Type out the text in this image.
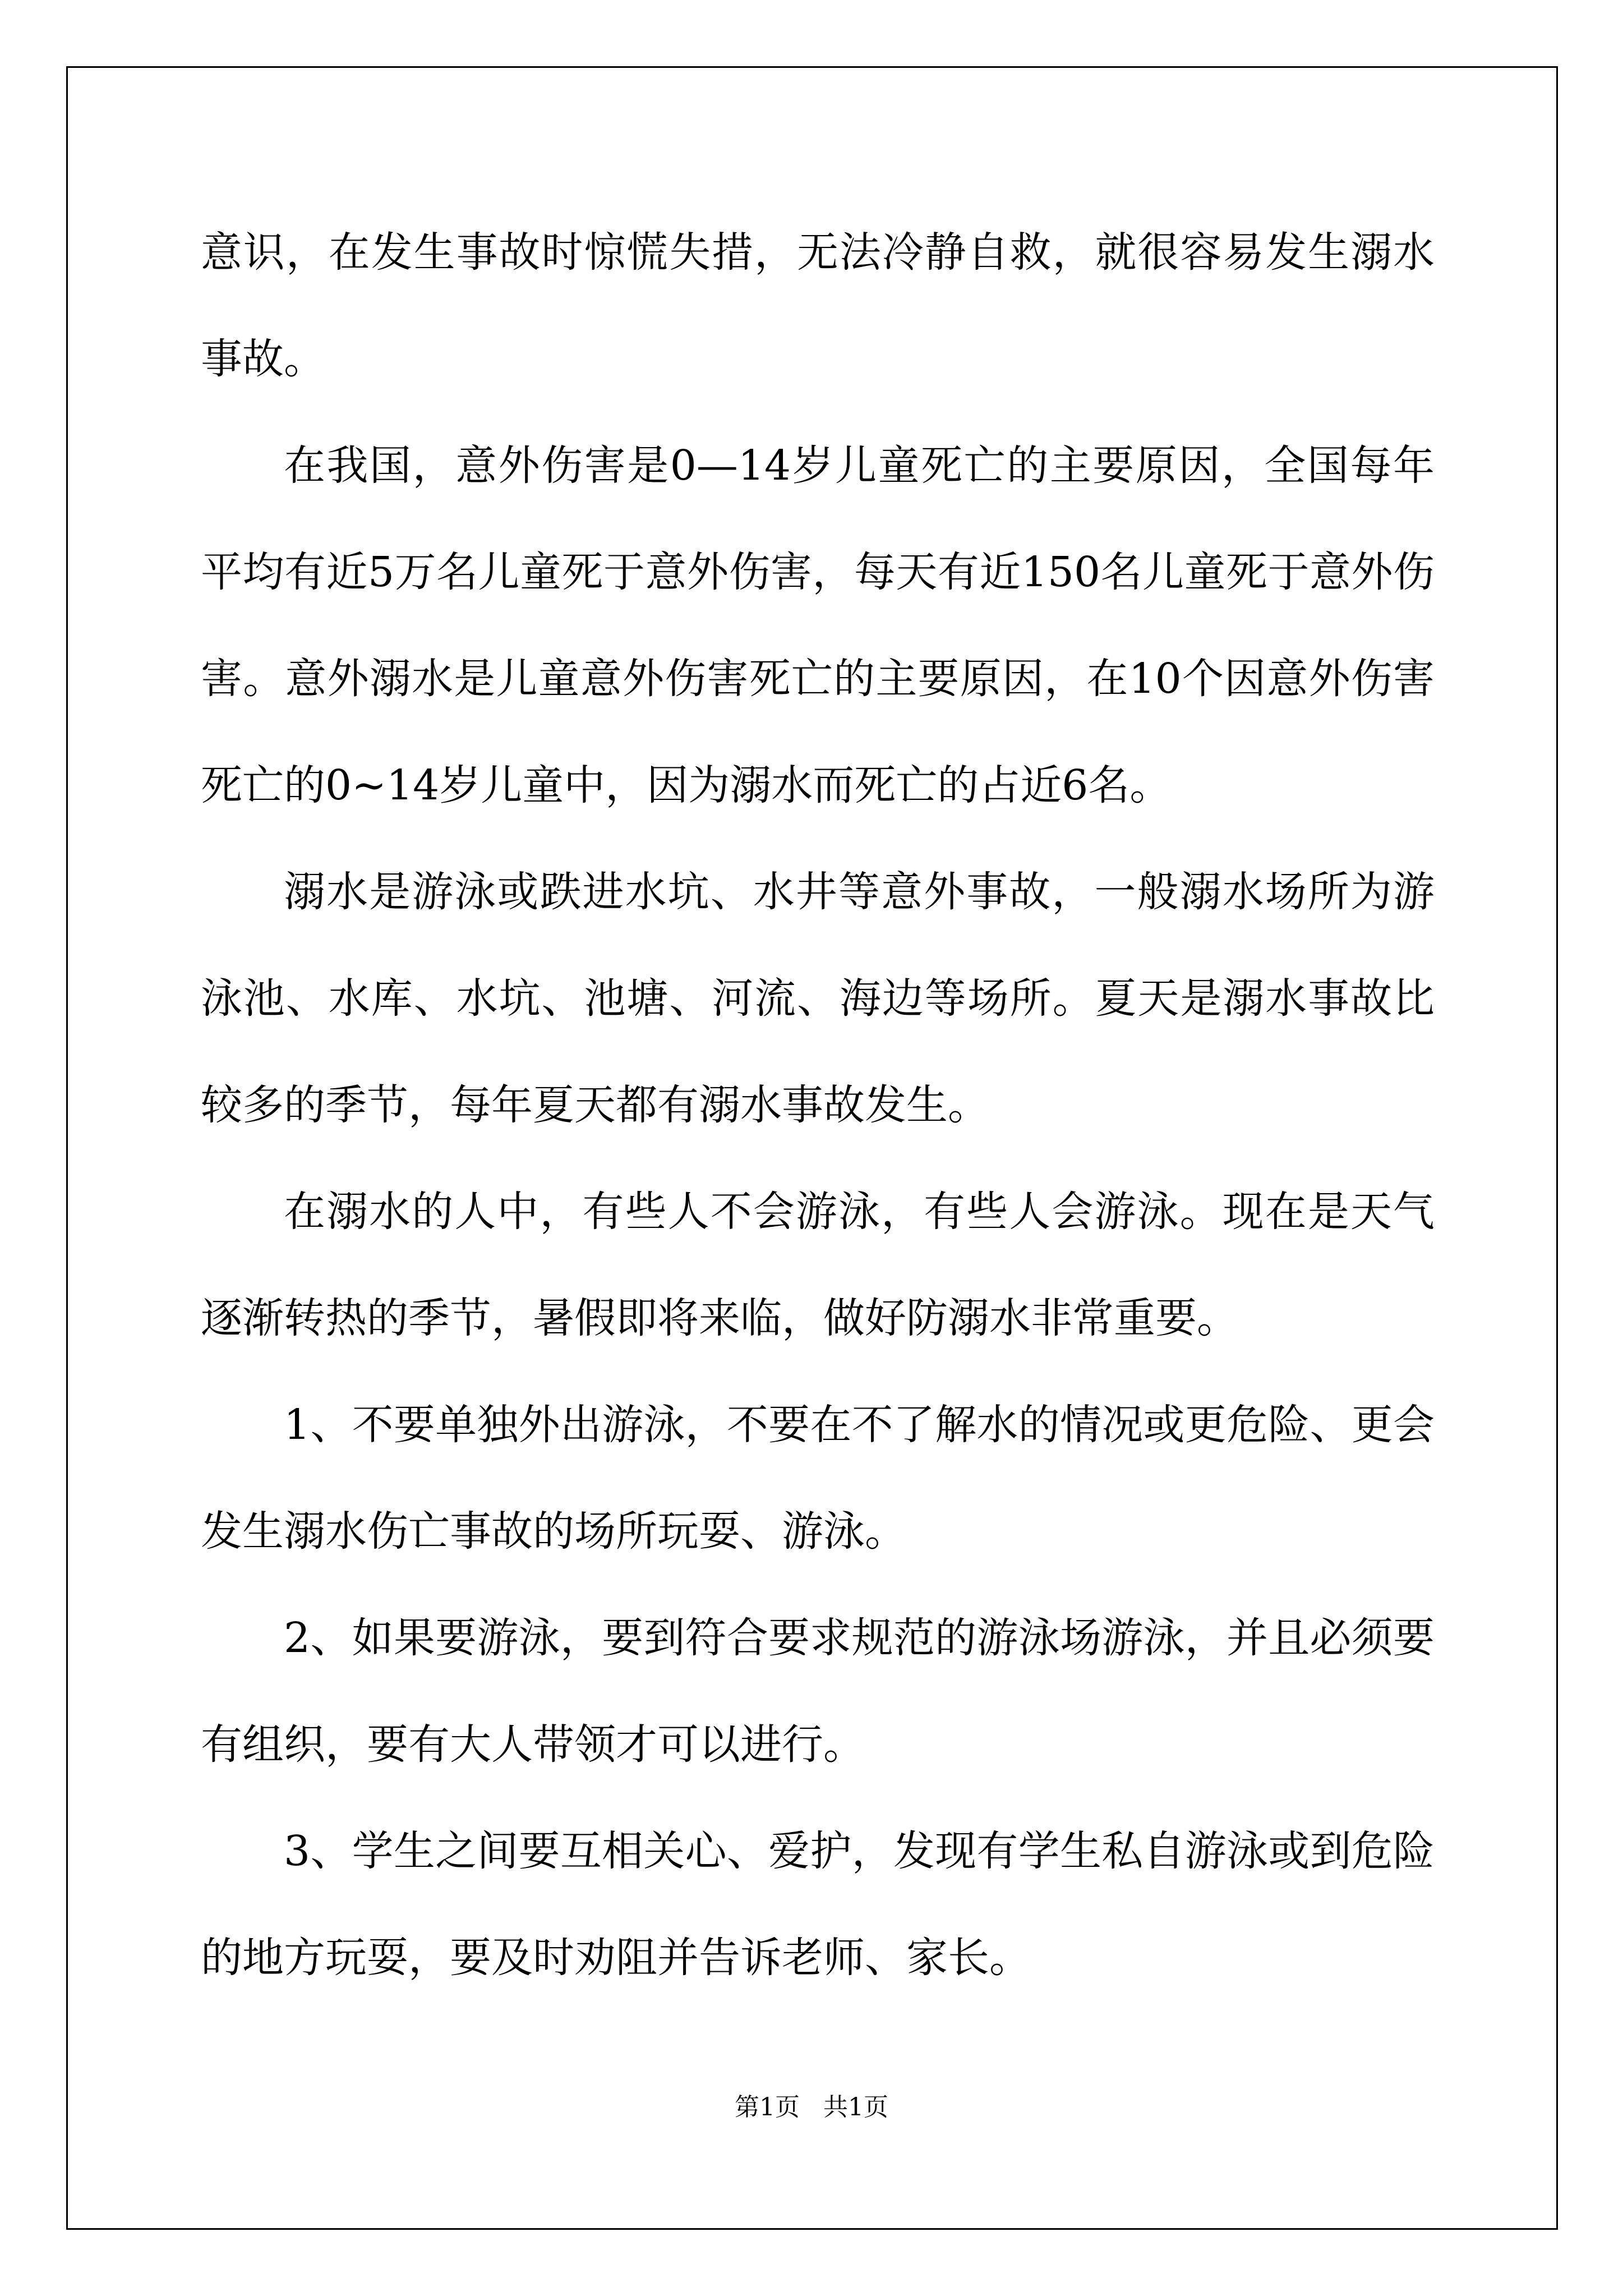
意识，在发生事故时惊慌失措，无法冷静自救，就很容易发生溺水事故。

在我国，意外伤害是0—14岁儿童死亡的主要原因，全国每年平均有近5万名儿童死于意外伤害，每天有近150名儿童死于意外伤害。意外溺水是儿童意外伤害死亡的主要原因，在10个因意外伤害死亡的0~14岁儿童中，因为溺水而死亡的占近6名。

溺水是游泳或跌进水坑、水井等意外事故，一般溺水场所为游泳池、水库、水坑、池塘、河流、海边等场所。夏天是溺水事故比较多的季节，每年夏天都有溺水事故发生。

在溺水的人中，有些人不会游泳，有些人会游泳。现在是天气逐渐转热的季节，暑假即将来临，做好防溺水非常重要。

1、不要单独外出游泳，不要在不了解水的情况或更危险、更会发生溺水伤亡事故的场所玩耍、游泳。

2、如果要游泳，要到符合要求规范的游泳场游泳，并且必须要有组织，要有大人带领才可以进行。

3、学生之间要互相关心、爱护，发现有学生私自游泳或到危险的地方玩耍，要及时劝阻并告诉老师、家长。

第1页 共1页
